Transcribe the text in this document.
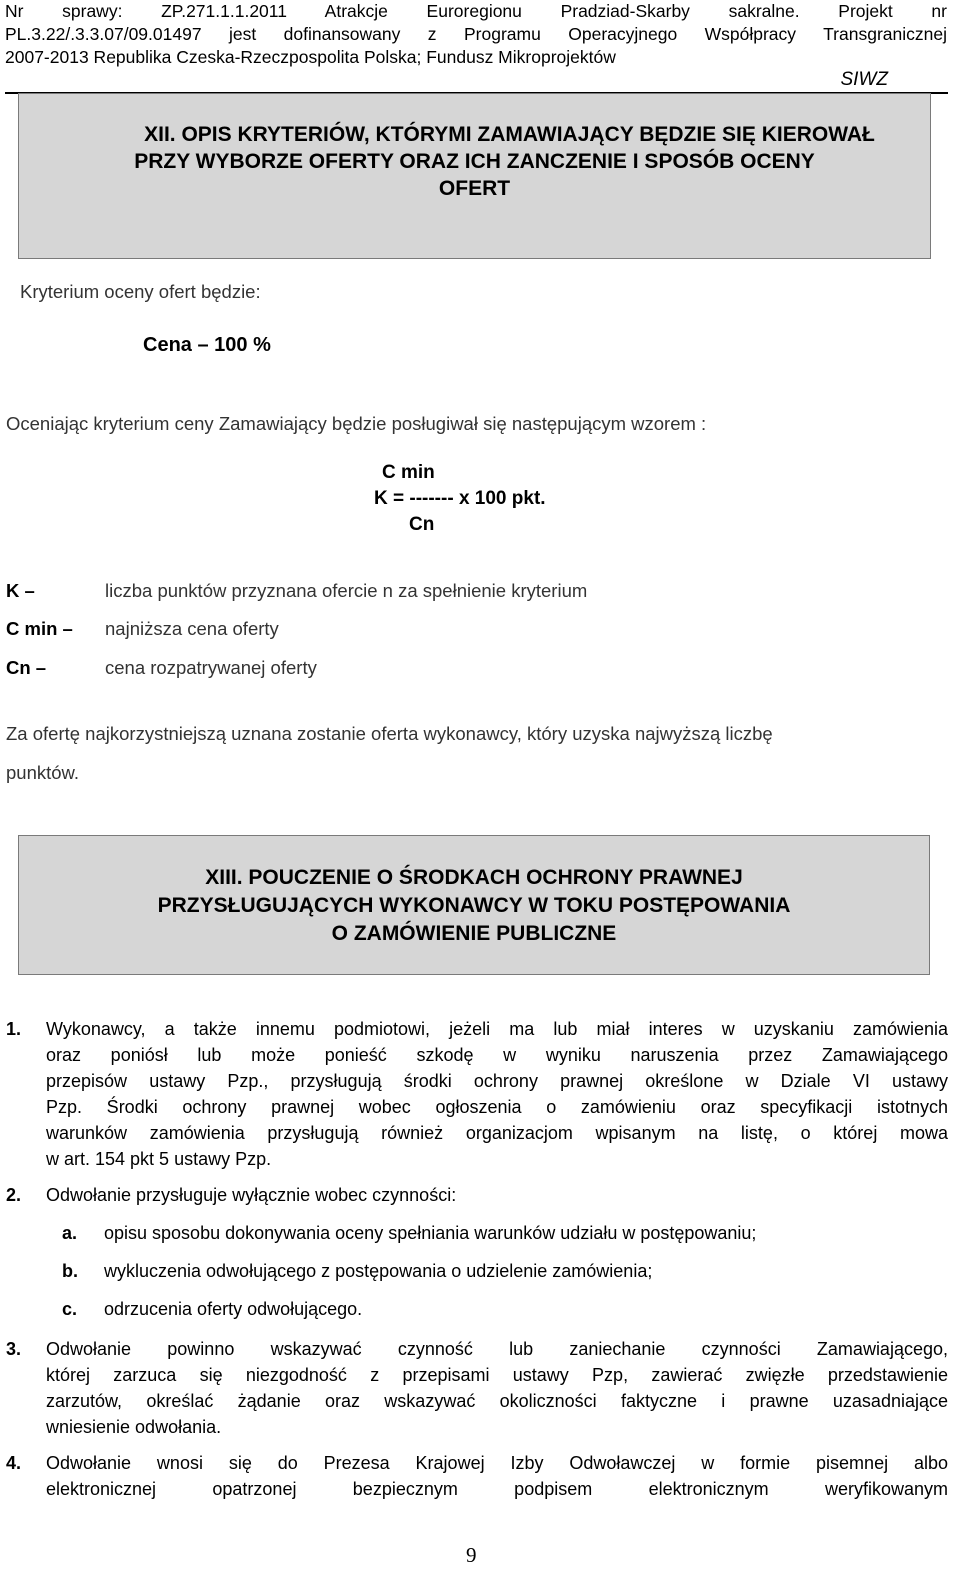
Nr sprawy: ZP.271.1.1.2011 Atrakcje Euroregionu Pradziad-Skarby sakralne. Projekt nr
PL.3.22/.3.3.07/09.01497 jest dofinansowany z Programu Operacyjnego Współpracy Transgranicznej
2007-2013 Republika Czeska-Rzeczpospolita Polska; Fundusz Mikroprojektów
SIWZ
XII. OPIS KRYTERIÓW, KTÓRYMI ZAMAWIAJĄCY BĘDZIE SIĘ KIEROWAŁ
PRZY WYBORZE OFERTY ORAZ ICH ZANCZENIE I SPOSÓB OCENY
OFERT
Kryterium oceny ofert będzie:
Cena – 100 %
Oceniając kryterium ceny Zamawiający będzie posługiwał się następującym wzorem :
C min
K = ------- x 100 pkt.
Cn
K –	liczba punktów przyznana ofercie n za spełnienie kryterium
C min – najniższa cena oferty
Cn –	cena rozpatrywanej oferty
Za ofertę najkorzystniejszą uznana zostanie oferta wykonawcy, który uzyska najwyższą liczbę
punktów.
XIII. POUCZENIE O ŚRODKACH OCHRONY PRAWNEJ
PRZYSŁUGUJĄCYCH WYKONAWCY W TOKU POSTĘPOWANIA
O ZAMÓWIENIE PUBLICZNE
1. Wykonawcy, a także innemu podmiotowi, jeżeli ma lub miał interes w uzyskaniu zamówienia
oraz poniósł lub może ponieść szkodę w wyniku naruszenia przez Zamawiającego
przepisów ustawy Pzp., przysługują środki ochrony prawnej określone w Dziale VI ustawy
Pzp. Środki ochrony prawnej wobec ogłoszenia o zamówieniu oraz specyfikacji istotnych
warunków zamówienia przysługują również organizacjom wpisanym na listę, o której mowa
w art. 154 pkt 5 ustawy Pzp.
2. Odwołanie przysługuje wyłącznie wobec czynności:
a. opisu sposobu dokonywania oceny spełniania warunków udziału w postępowaniu;
b. wykluczenia odwołującego z postępowania o udzielenie zamówienia;
c. odrzucenia oferty odwołującego.
3. Odwołanie powinno wskazywać czynność lub zaniechanie czynności Zamawiającego,
której zarzuca się niezgodność z przepisami ustawy Pzp, zawierać zwięzłe przedstawienie
zarzutów, określać żądanie oraz wskazywać okoliczności faktyczne i prawne uzasadniające
wniesienie odwołania.
4. Odwołanie wnosi się do Prezesa Krajowej Izby Odwoławczej w formie pisemnej albo
elektronicznej opatrzonej bezpiecznym podpisem elektronicznym weryfikowanym
9
